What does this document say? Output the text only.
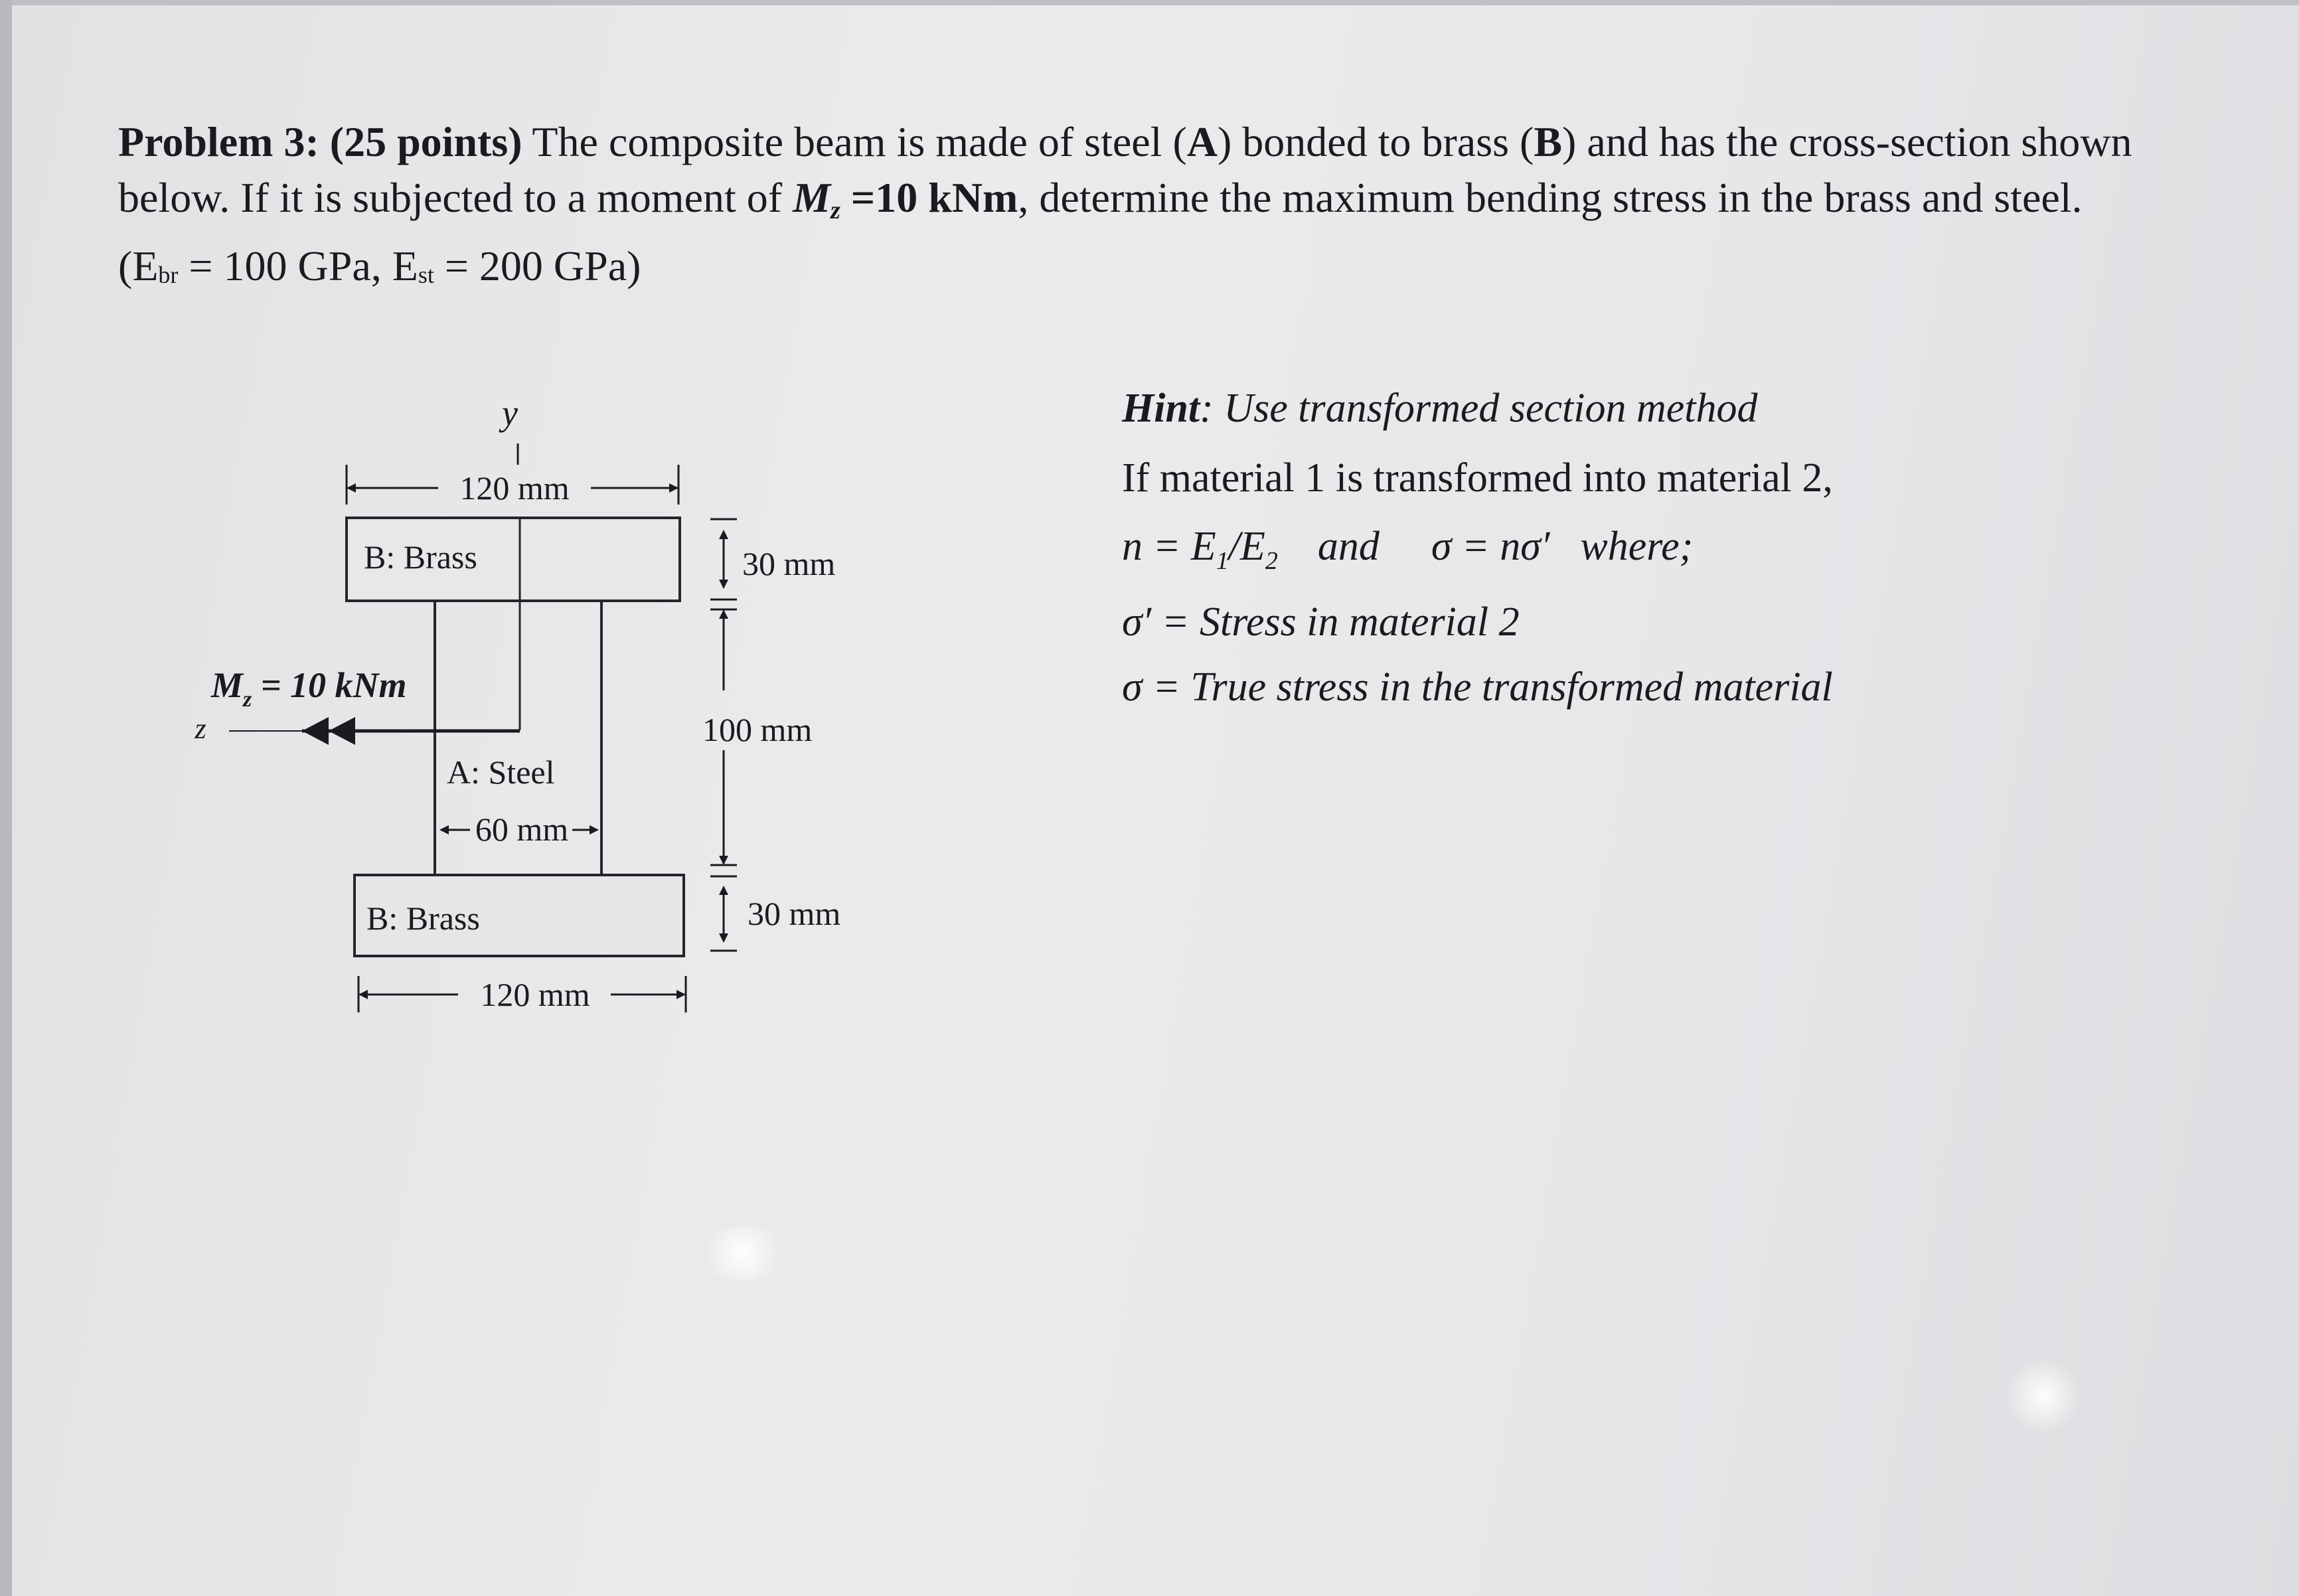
Problem 3: (25 points) The composite beam is made of steel (A) bonded to brass (B) and has the cross-section shown below. If it is subjected to a moment of $M_z =10$ kNm, determine the maximum bending stress in the brass and steel.
(Ebr = 100 GPa, Est = 200 GPa)
y
120 mm
B: Brass
A: Steel
60 mm
$M_z = 10$ kNm
z
B: Brass
120 mm
30 mm
100 mm
30 mm
Hint: Use transformed section method
If material 1 is transformed into material 2,
$n = E_1/E_2$ and σ = nσ′ where;
σ′ = Stress in material 2
σ = True stress in the transformed material
